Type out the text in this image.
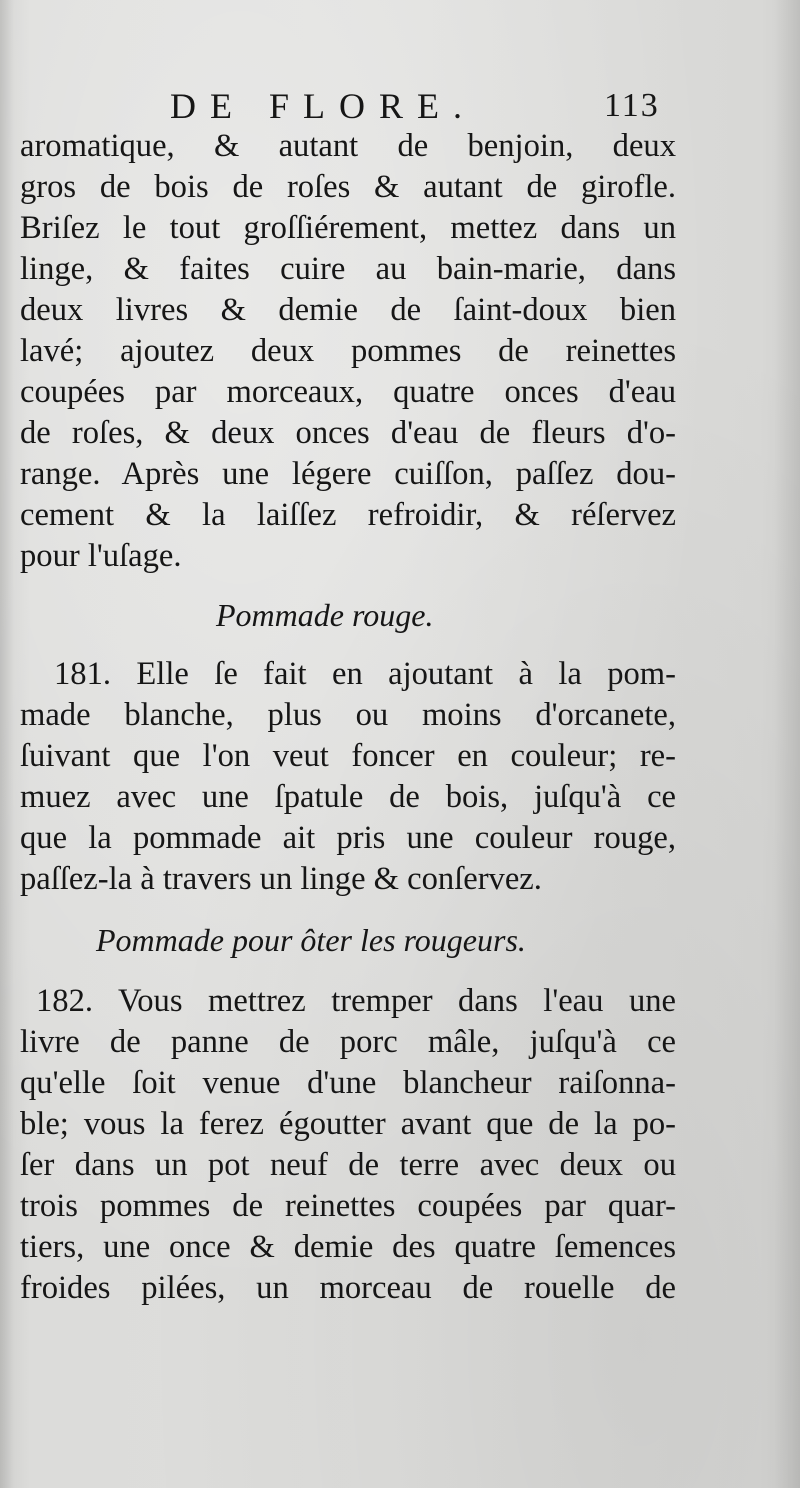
DE FLORE.	113
aromatique, & autant de benjoin, deux
gros de bois de roſes & autant de girofle.
Briſez le tout groſſiérement, mettez dans un
linge, & faites cuire au bain-marie, dans
deux livres & demie de ſaint-doux bien
lavé; ajoutez deux pommes de reinettes
coupées par morceaux, quatre onces d'eau
de roſes, & deux onces d'eau de fleurs d'o-
range. Après une légere cuiſſon, paſſez dou-
cement & la laiſſez refroidir, & réſervez
pour l'uſage.
Pommade rouge.
181. Elle ſe fait en ajoutant à la pom-
made blanche, plus ou moins d'orcanete,
ſuivant que l'on veut foncer en couleur; re-
muez avec une ſpatule de bois, juſqu'à ce
que la pommade ait pris une couleur rouge,
paſſez-la à travers un linge & conſervez.
Pommade pour ôter les rougeurs.
182. Vous mettrez tremper dans l'eau une
livre de panne de porc mâle, juſqu'à ce
qu'elle ſoit venue d'une blancheur raiſonna-
ble; vous la ferez égoutter avant que de la po-
ſer dans un pot neuf de terre avec deux ou
trois pommes de reinettes coupées par quar-
tiers, une once & demie des quatre ſemences
froides pilées, un morceau de rouelle de
